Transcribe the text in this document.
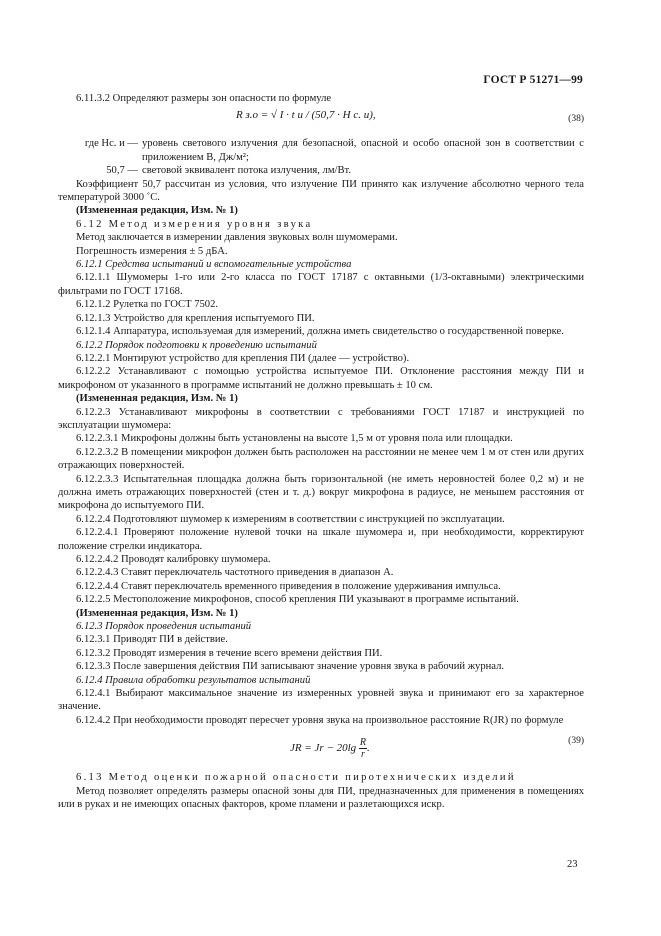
ГОСТ Р 51271—99

6.11.3.2 Определяют размеры зон опасности по формуле

R з.о = √ I · t и / (50,7 · H с. и),	(38)
где Hс. и — уровень светового излучения для безопасной, опасной и особо опасной зон в соответствии с приложением В, Дж/м²;
50,7 — световой эквивалент потока излучения, лм/Вт.

Коэффициент 50,7 рассчитан из условия, что излучение ПИ принято как излучение абсолютно черного тела температурой 3000 ˚С.

(Измененная редакция, Изм. № 1)

6.12 Метод измерения уровня звука

Метод заключается в измерении давления звуковых волн шумомерами.

Погрешность измерения ± 5 дБА.

6.12.1 Средства испытаний и вспомогательные устройства

6.12.1.1 Шумомеры 1-го или 2-го класса по ГОСТ 17187 с октавными (1/3-октавными) электрическими фильтрами по ГОСТ 17168.

6.12.1.2 Рулетка по ГОСТ 7502.

6.12.1.3 Устройство для крепления испытуемого ПИ.

6.12.1.4 Аппаратура, используемая для измерений, должна иметь свидетельство о государственной поверке.

6.12.2 Порядок подготовки к проведению испытаний

6.12.2.1 Монтируют устройство для крепления ПИ (далее — устройство).

6.12.2.2 Устанавливают с помощью устройства испытуемое ПИ. Отклонение расстояния между ПИ и микрофоном от указанного в программе испытаний не должно превышать ± 10 см.

(Измененная редакция, Изм. № 1)

6.12.2.3 Устанавливают микрофоны в соответствии с требованиями ГОСТ 17187 и инструкцией по эксплуатации шумомера:

6.12.2.3.1 Микрофоны должны быть установлены на высоте 1,5 м от уровня пола или площадки.

6.12.2.3.2 В помещении микрофон должен быть расположен на расстоянии не менее чем 1 м от стен или других отражающих поверхностей.

6.12.2.3.3 Испытательная площадка должна быть горизонтальной (не иметь неровностей более 0,2 м) и не должна иметь отражающих поверхностей (стен и т. д.) вокруг микрофона в радиусе, не меньшем расстояния от микрофона до испытуемого ПИ.

6.12.2.4 Подготовляют шумомер к измерениям в соответствии с инструкцией по эксплуатации.

6.12.2.4.1 Проверяют положение нулевой точки на шкале шумомера и, при необходимости, корректируют положение стрелки индикатора.

6.12.2.4.2 Проводят калибровку шумомера.

6.12.2.4.3 Ставят переключатель частотного приведения в диапазон А.

6.12.2.4.4 Ставят переключатель временного приведения в положение удерживания импульса.

6.12.2.5 Местоположение микрофонов, способ крепления ПИ указывают в программе испытаний.

(Измененная редакция, Изм. № 1)

6.12.3 Порядок проведения испытаний

6.12.3.1 Приводят ПИ в действие.

6.12.3.2 Проводят измерения в течение всего времени действия ПИ.

6.12.3.3 После завершения действия ПИ записывают значение уровня звука в рабочий журнал.

6.12.4 Правила обработки результатов испытаний

6.12.4.1 Выбирают максимальное значение из измеренных уровней звука и принимают его за характерное значение.

6.12.4.2 При необходимости проводят пересчет уровня звука на произвольное расстояние R(JR) по формуле

JR = $Jr - 20\lg \frac{R}{r}$ .
(39)

6.13 Метод оценки пожарной опасности пиротехнических изделий

Метод позволяет определять размеры опасной зоны для ПИ, предназначенных для применения в помещениях или в руках и не имеющих опасных факторов, кроме пламени и разлетающихся искр.

23
